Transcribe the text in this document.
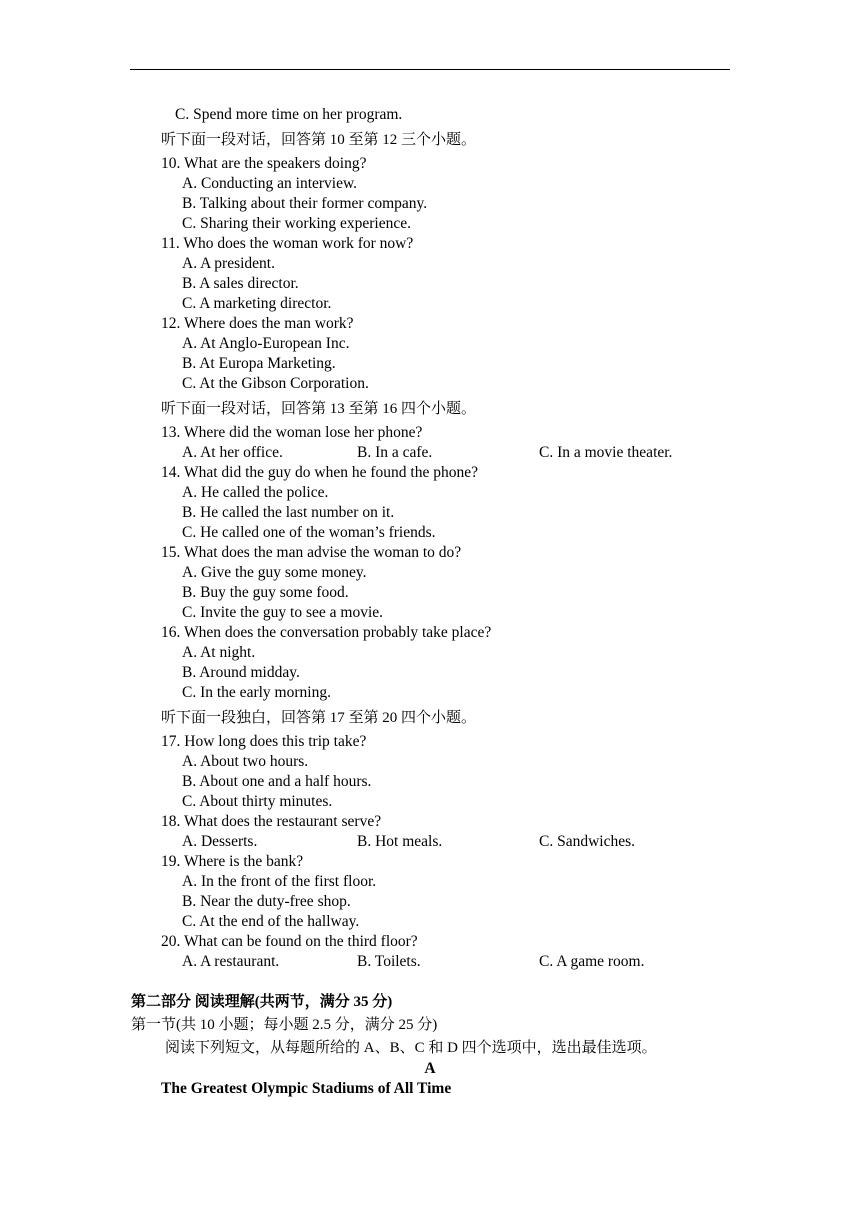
C. Spend more time on her program.
听下面一段对话，回答第 10 至第 12 三个小题。
10. What are the speakers doing?
A. Conducting an interview.
B. Talking about their former company.
C. Sharing their working experience.
11. Who does the woman work for now?
A. A president.
B. A sales director.
C. A marketing director.
12. Where does the man work?
A. At Anglo-European Inc.
B. At Europa Marketing.
C. At the Gibson Corporation.
听下面一段对话，回答第 13 至第 16 四个小题。
13. Where did the woman lose her phone?
A. At her office.	B. In a cafe.	C. In a movie theater.
14. What did the guy do when he found the phone?
A. He called the police.
B. He called the last number on it.
C. He called one of the woman’s friends.
15. What does the man advise the woman to do?
A. Give the guy some money.
B. Buy the guy some food.
C. Invite the guy to see a movie.
16. When does the conversation probably take place?
A. At night.
B. Around midday.
C. In the early morning.
听下面一段独白，回答第 17 至第 20 四个小题。
17. How long does this trip take?
A. About two hours.
B. About one and a half hours.
C. About thirty minutes.
18. What does the restaurant serve?
A. Desserts.	B. Hot meals.	C. Sandwiches.
19. Where is the bank?
A. In the front of the first floor.
B. Near the duty-free shop.
C. At the end of the hallway.
20. What can be found on the third floor?
A. A restaurant.	B. Toilets.	C. A game room.
第二部分 阅读理解(共两节，满分 35 分)
第一节(共 10 小题；每小题 2.5 分，满分 25 分)
阅读下列短文，从每题所给的 A、B、C 和 D 四个选项中，选出最佳选项。
A
The Greatest Olympic Stadiums of All Time
